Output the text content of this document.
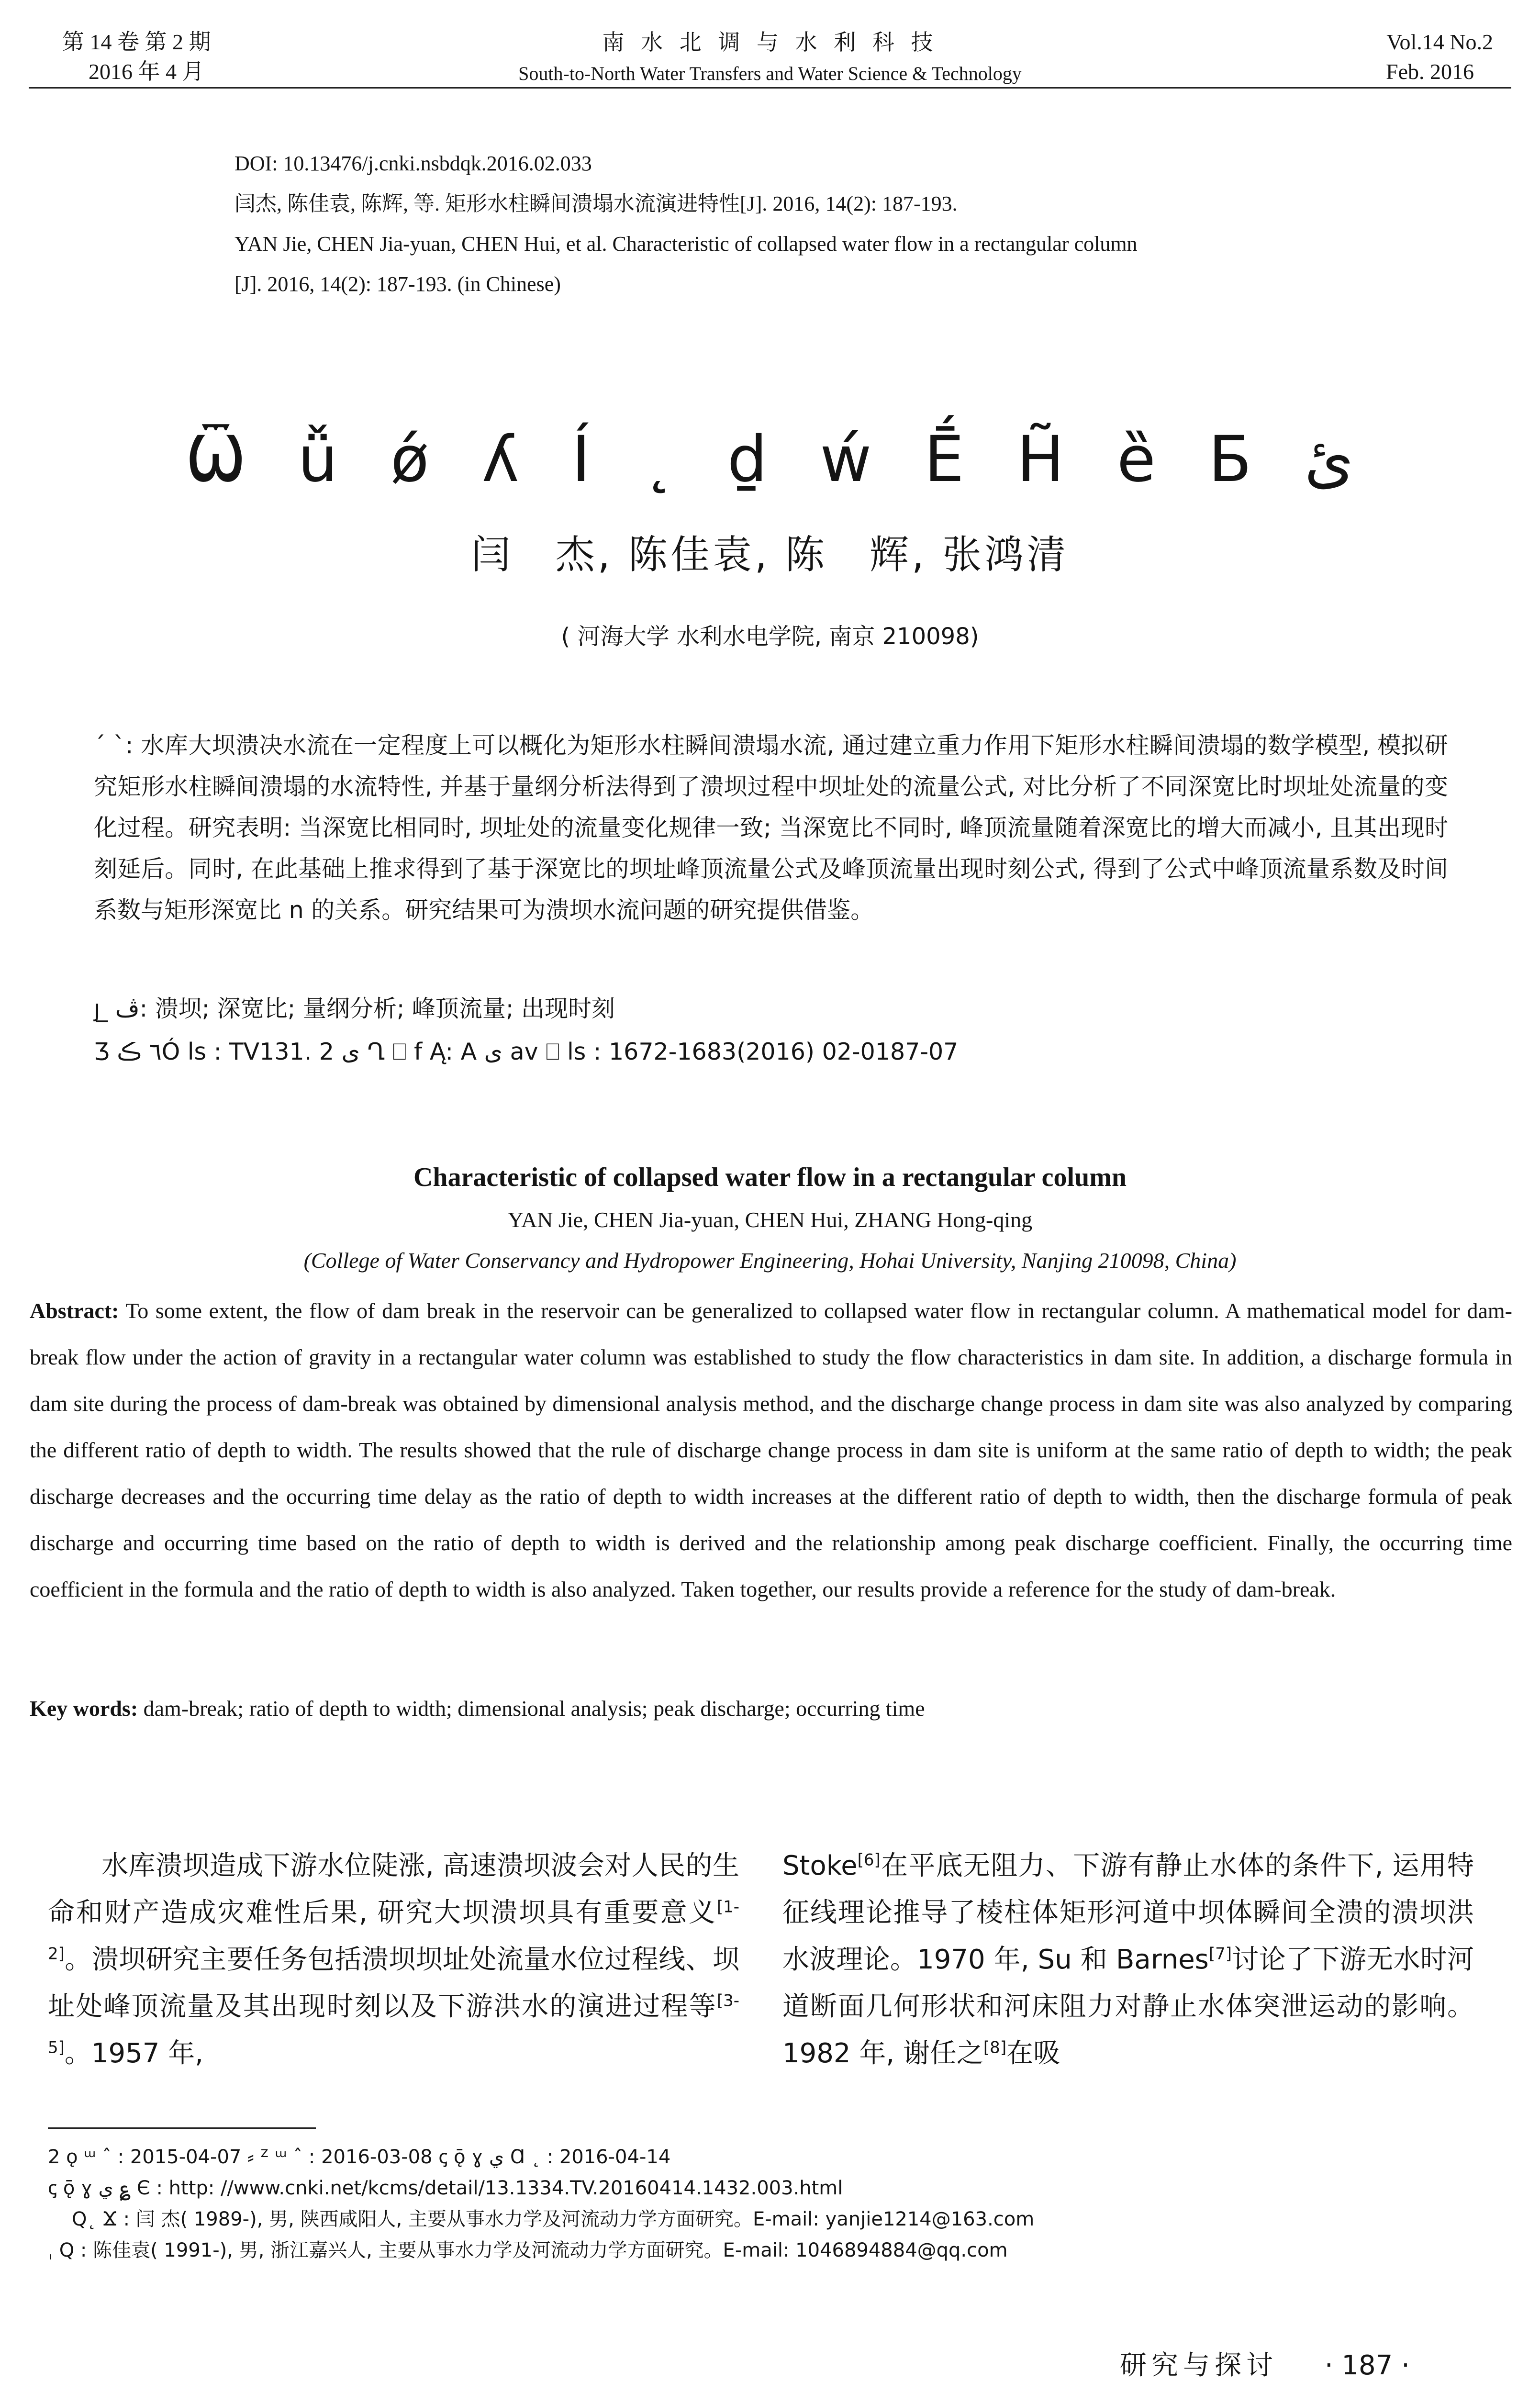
第 14 卷 第 2 期
2016 年 4 月
南 水 北 调 与 水 利 科 技
South-to-North Water Transfers and Water Science & Technology
Vol.14 No.2
Feb. 2016
DOI: 10.13476/j.cnki.nsbdqk.2016.02.033
闫杰, 陈佳袁, 陈辉, 等. 矩形水柱瞬间溃塌水流演进特性[J]. 2016, 14(2): 187-193.
YAN Jie, CHEN Jia-yuan, CHEN Hui, et al. Characteristic of collapsed water flow in a rectangular column
[J]. 2016, 14(2): 187-193. (in Chinese)
Ѿ ǚ ǿ ʎ Í ˛ ḏ ẃ Ḗ H̃ ȅ Б ئ
闫　杰, 陈佳袁, 陈　辉, 张鸿清
( 河海大学 水利水电学院, 南京 210098)

ˊ ˋ: 水库大坝溃决水流在一定程度上可以概化为矩形水柱瞬间溃塌水流, 通过建立重力作用下矩形水柱瞬间溃塌的数学模型, 模拟研究矩形水柱瞬间溃塌的水流特性, 并基于量纲分析法得到了溃坝过程中坝址处的流量公式, 对比分析了不同深宽比时坝址处流量的变化过程。研究表明: 当深宽比相同时, 坝址处的流量变化规律一致; 当深宽比不同时, 峰顶流量随着深宽比的增大而减小, 且其出现时刻延后。同时, 在此基础上推求得到了基于深宽比的坝址峰顶流量公式及峰顶流量出现时刻公式, 得到了公式中峰顶流量系数及时间系数与矩形深宽比 n 的关系。研究结果可为溃坝水流问题的研究提供借鉴。

ȷ ̲ ڤ: 溃坝; 深宽比; 量纲分析; 峰顶流量; 出现时刻
Ʒ ٦ ڪÓ ls : TV131. 2 ى Ղ ⎕ f Ą: A ى av ⎕ ls : 1672-1683(2016) 02-0187-07
Characteristic of collapsed water flow in a rectangular column
YAN Jie, CHEN Jia-yuan, CHEN Hui, ZHANG Hong-qing
(College of Water Conservancy and Hydropower Engineering, Hohai University, Nanjing 210098, China)
Abstract: To some extent, the flow of dam break in the reservoir can be generalized to collapsed water flow in rectangular column. A mathematical model for dam-break flow under the action of gravity in a rectangular water column was established to study the flow characteristics in dam site. In addition, a discharge formula in dam site during the process of dam-break was obtained by dimensional analysis method, and the discharge change process in dam site was also analyzed by comparing the different ratio of depth to width. The results showed that the rule of discharge change process in dam site is uniform at the same ratio of depth to width; the peak discharge decreases and the occurring time delay as the ratio of depth to width increases at the different ratio of depth to width, then the discharge formula of peak discharge and occurring time based on the ratio of depth to width is derived and the relationship among peak discharge coefficient. Finally, the occurring time coefficient in the formula and the ratio of depth to width is also analyzed. Taken together, our results provide a reference for the study of dam-break.
Key words: dam-break; ratio of depth to width; dimensional analysis; peak discharge; occurring time
水库溃坝造成下游水位陡涨, 高速溃坝波会对人民的生命和财产造成灾难性后果, 研究大坝溃坝具有重要意义[1-2]。溃坝研究主要任务包括溃坝坝址处流量水位过程线、坝址处峰顶流量及其出现时刻以及下游洪水的演进过程等[3-5]。1957 年,
Stoke[6]在平底无阻力、下游有静止水体的条件下, 运用特征线理论推导了棱柱体矩形河道中坝体瞬间全溃的溃坝洪水波理论。1970 年, Su 和 Barnes[7]讨论了下游无水时河道断面几何形状和河床阻力对静止水体突泄运动的影响。1982 年, 谢任之[8]在吸
2 ǫ ᵚ ˆ : 2015-04-07 ⸗ ᙆ ᵚ ˆ : 2016-03-08 ꞔ ǭ ɣ ي Ɑ ˛ : 2016-04-14
ꞔ ǭ ɣ ي ؏ Є : http: //www.cnki.net/kcms/detail/13.1334.TV.20160414.1432.003.html
Q˛ Ϫ : 闫 杰( 1989-), 男, 陕西咸阳人, 主要从事水力学及河流动力学方面研究。E-mail: yanjie1214@163.com
ˌ Q : 陈佳袁( 1991-), 男, 浙江嘉兴人, 主要从事水力学及河流动力学方面研究。E-mail: 1046894884@qq.com
研究与探讨 · 187 ·
